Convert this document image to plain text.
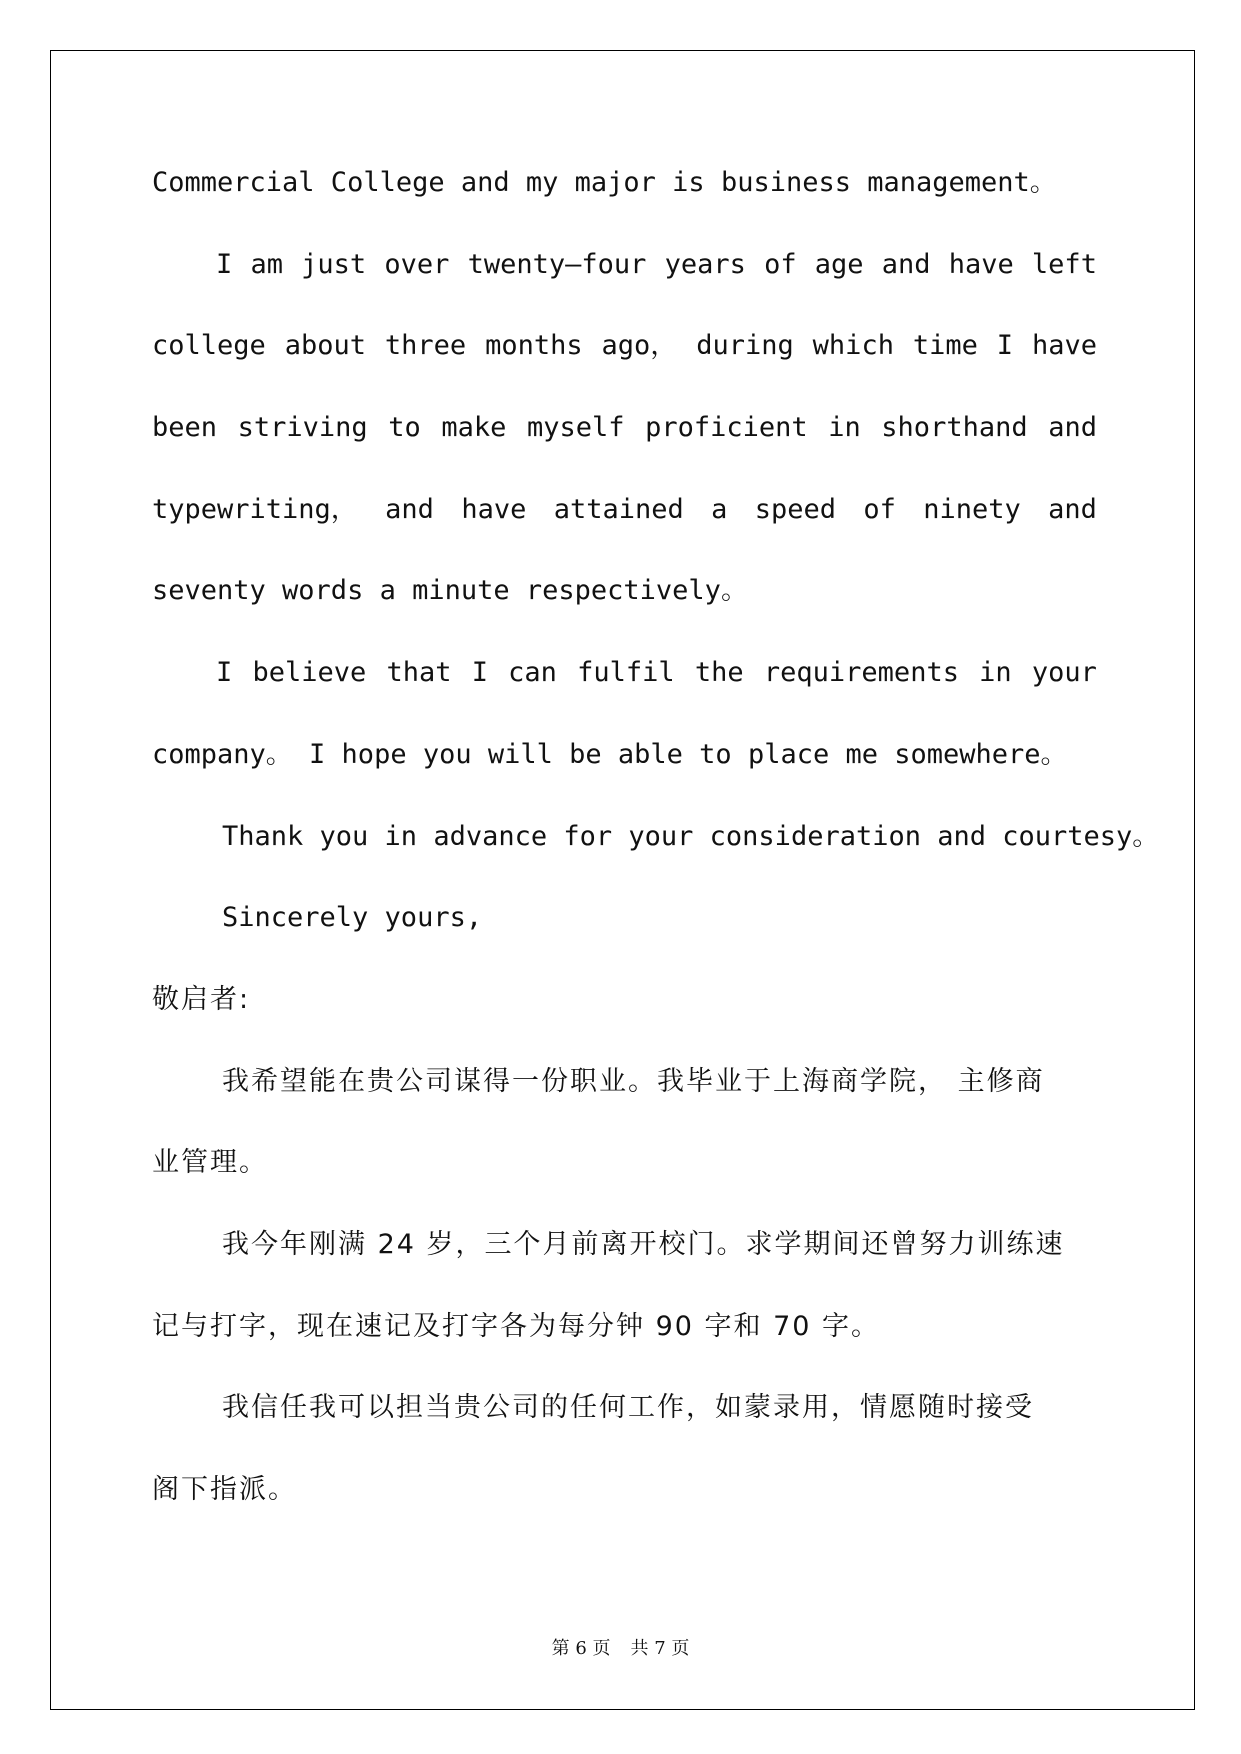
Commercial College and my major is business management。
I am just over twenty—four years of age and have left
college about three months ago， during which time I have
been striving to make myself proficient in shorthand and
typewriting， and have attained a speed of ninety and
seventy words a minute respectively。
I believe that I can fulfil the requirements in your
company。 I hope you will be able to place me somewhere。
Thank you in advance for your consideration and courtesy。
Sincerely yours,
敬启者:
我希望能在贵公司谋得一份职业。我毕业于上海商学院， 主修商
业管理。
我今年刚满 24 岁，三个月前离开校门。求学期间还曾努力训练速
记与打字，现在速记及打字各为每分钟 90 字和 70 字。
我信任我可以担当贵公司的任何工作，如蒙录用，情愿随时接受
阁下指派。
第 6 页 共 7 页
